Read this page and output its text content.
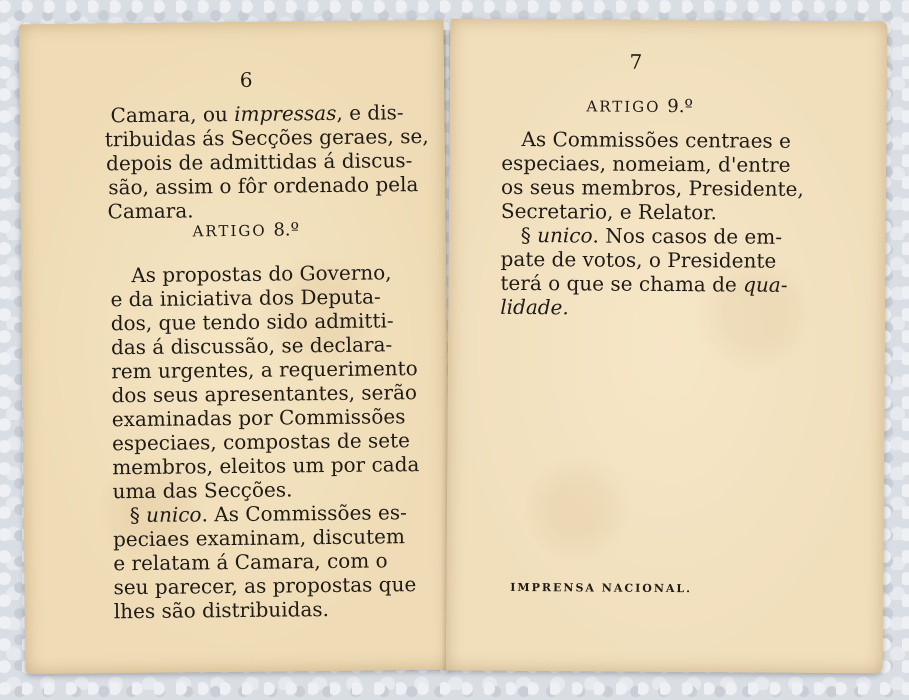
6
Camara, ou impressas, e dis-
tribuidas ás Secções geraes, se,
depois de admittidas á discus-
são, assim o fôr ordenado pela
Camara.
ARTIGO 8.º
As propostas do Governo,
e da iniciativa dos Deputa-
dos, que tendo sido admitti-
das á discussão, se declara-
rem urgentes, a requerimento
dos seus apresentantes, serão
examinadas por Commissões
especiaes, compostas de sete
membros, eleitos um por cada
uma das Secções.
§ unico. As Commissões es-
peciaes examinam, discutem
e relatam á Camara, com o
seu parecer, as propostas que
lhes são distribuidas.
7
ARTIGO 9.º
As Commissões centraes e
especiaes, nomeiam, d'entre
os seus membros, Presidente,
Secretario, e Relator.
§ unico. Nos casos de em-
pate de votos, o Presidente
terá o que se chama de qua-
lidade.
IMPRENSA NACIONAL.
